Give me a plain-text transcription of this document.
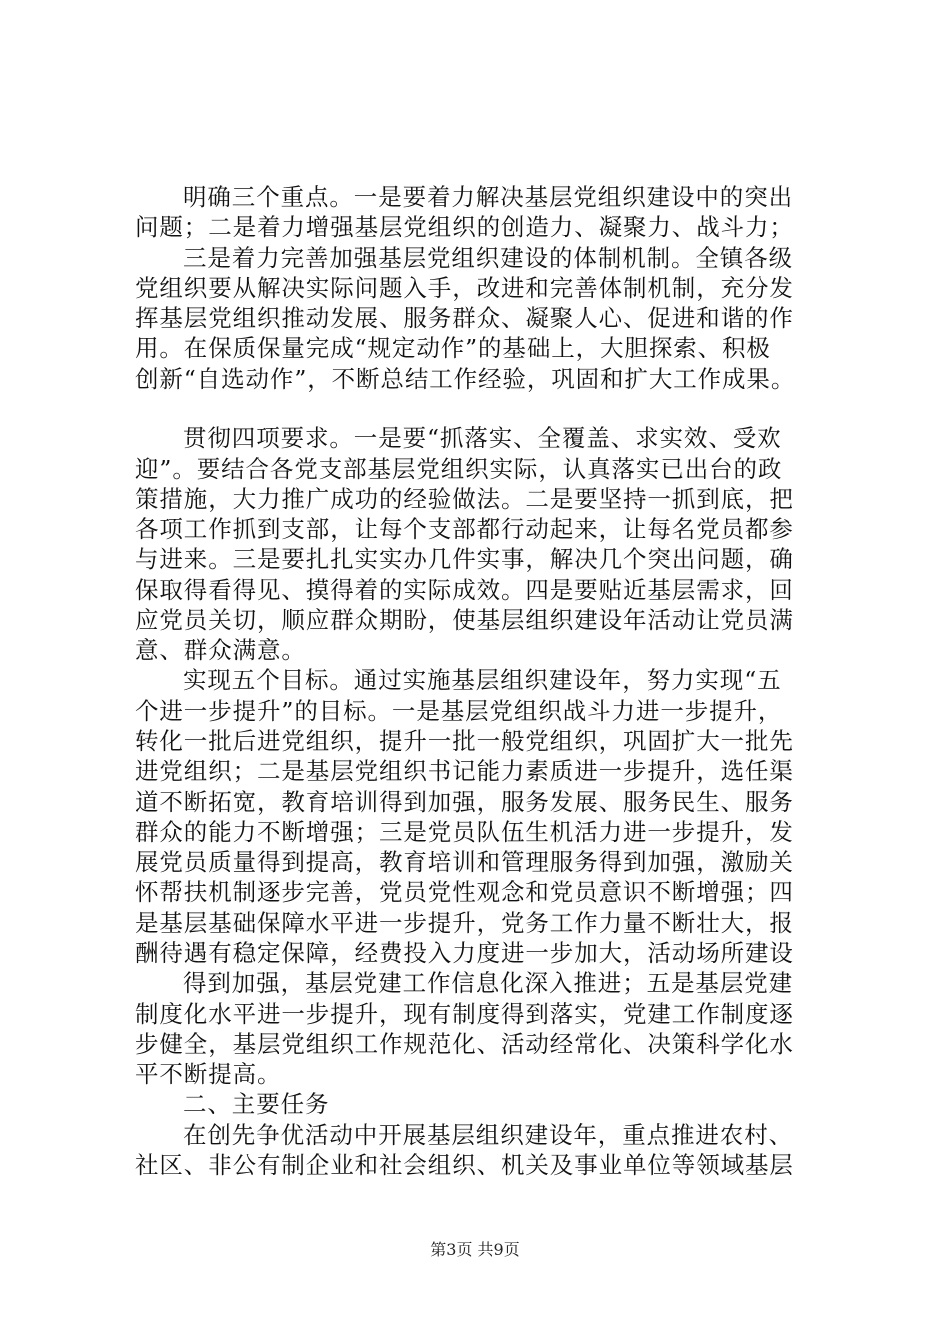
明确三个重点。一是要着力解决基层党组织建设中的突出
问题；二是着力增强基层党组织的创造力、凝聚力、战斗力；
三是着力完善加强基层党组织建设的体制机制。全镇各级
党组织要从解决实际问题入手，改进和完善体制机制，充分发
挥基层党组织推动发展、服务群众、凝聚人心、促进和谐的作
用。在保质保量完成“规定动作”的基础上，大胆探索、积极
创新“自选动作”，不断总结工作经验，巩固和扩大工作成果。
贯彻四项要求。一是要“抓落实、全覆盖、求实效、受欢
迎”。要结合各党支部基层党组织实际，认真落实已出台的政
策措施，大力推广成功的经验做法。二是要坚持一抓到底，把
各项工作抓到支部，让每个支部都行动起来，让每名党员都参
与进来。三是要扎扎实实办几件实事，解决几个突出问题，确
保取得看得见、摸得着的实际成效。四是要贴近基层需求，回
应党员关切，顺应群众期盼，使基层组织建设年活动让党员满
意、群众满意。
实现五个目标。通过实施基层组织建设年，努力实现“五
个进一步提升”的目标。一是基层党组织战斗力进一步提升，
转化一批后进党组织，提升一批一般党组织，巩固扩大一批先
进党组织；二是基层党组织书记能力素质进一步提升，选任渠
道不断拓宽，教育培训得到加强，服务发展、服务民生、服务
群众的能力不断增强；三是党员队伍生机活力进一步提升，发
展党员质量得到提高，教育培训和管理服务得到加强，激励关
怀帮扶机制逐步完善，党员党性观念和党员意识不断增强；四
是基层基础保障水平进一步提升，党务工作力量不断壮大，报
酬待遇有稳定保障，经费投入力度进一步加大，活动场所建设
得到加强，基层党建工作信息化深入推进；五是基层党建
制度化水平进一步提升，现有制度得到落实，党建工作制度逐
步健全，基层党组织工作规范化、活动经常化、决策科学化水
平不断提高。
二、主要任务
在创先争优活动中开展基层组织建设年，重点推进农村、
社区、非公有制企业和社会组织、机关及事业单位等领域基层
第3页 共9页
